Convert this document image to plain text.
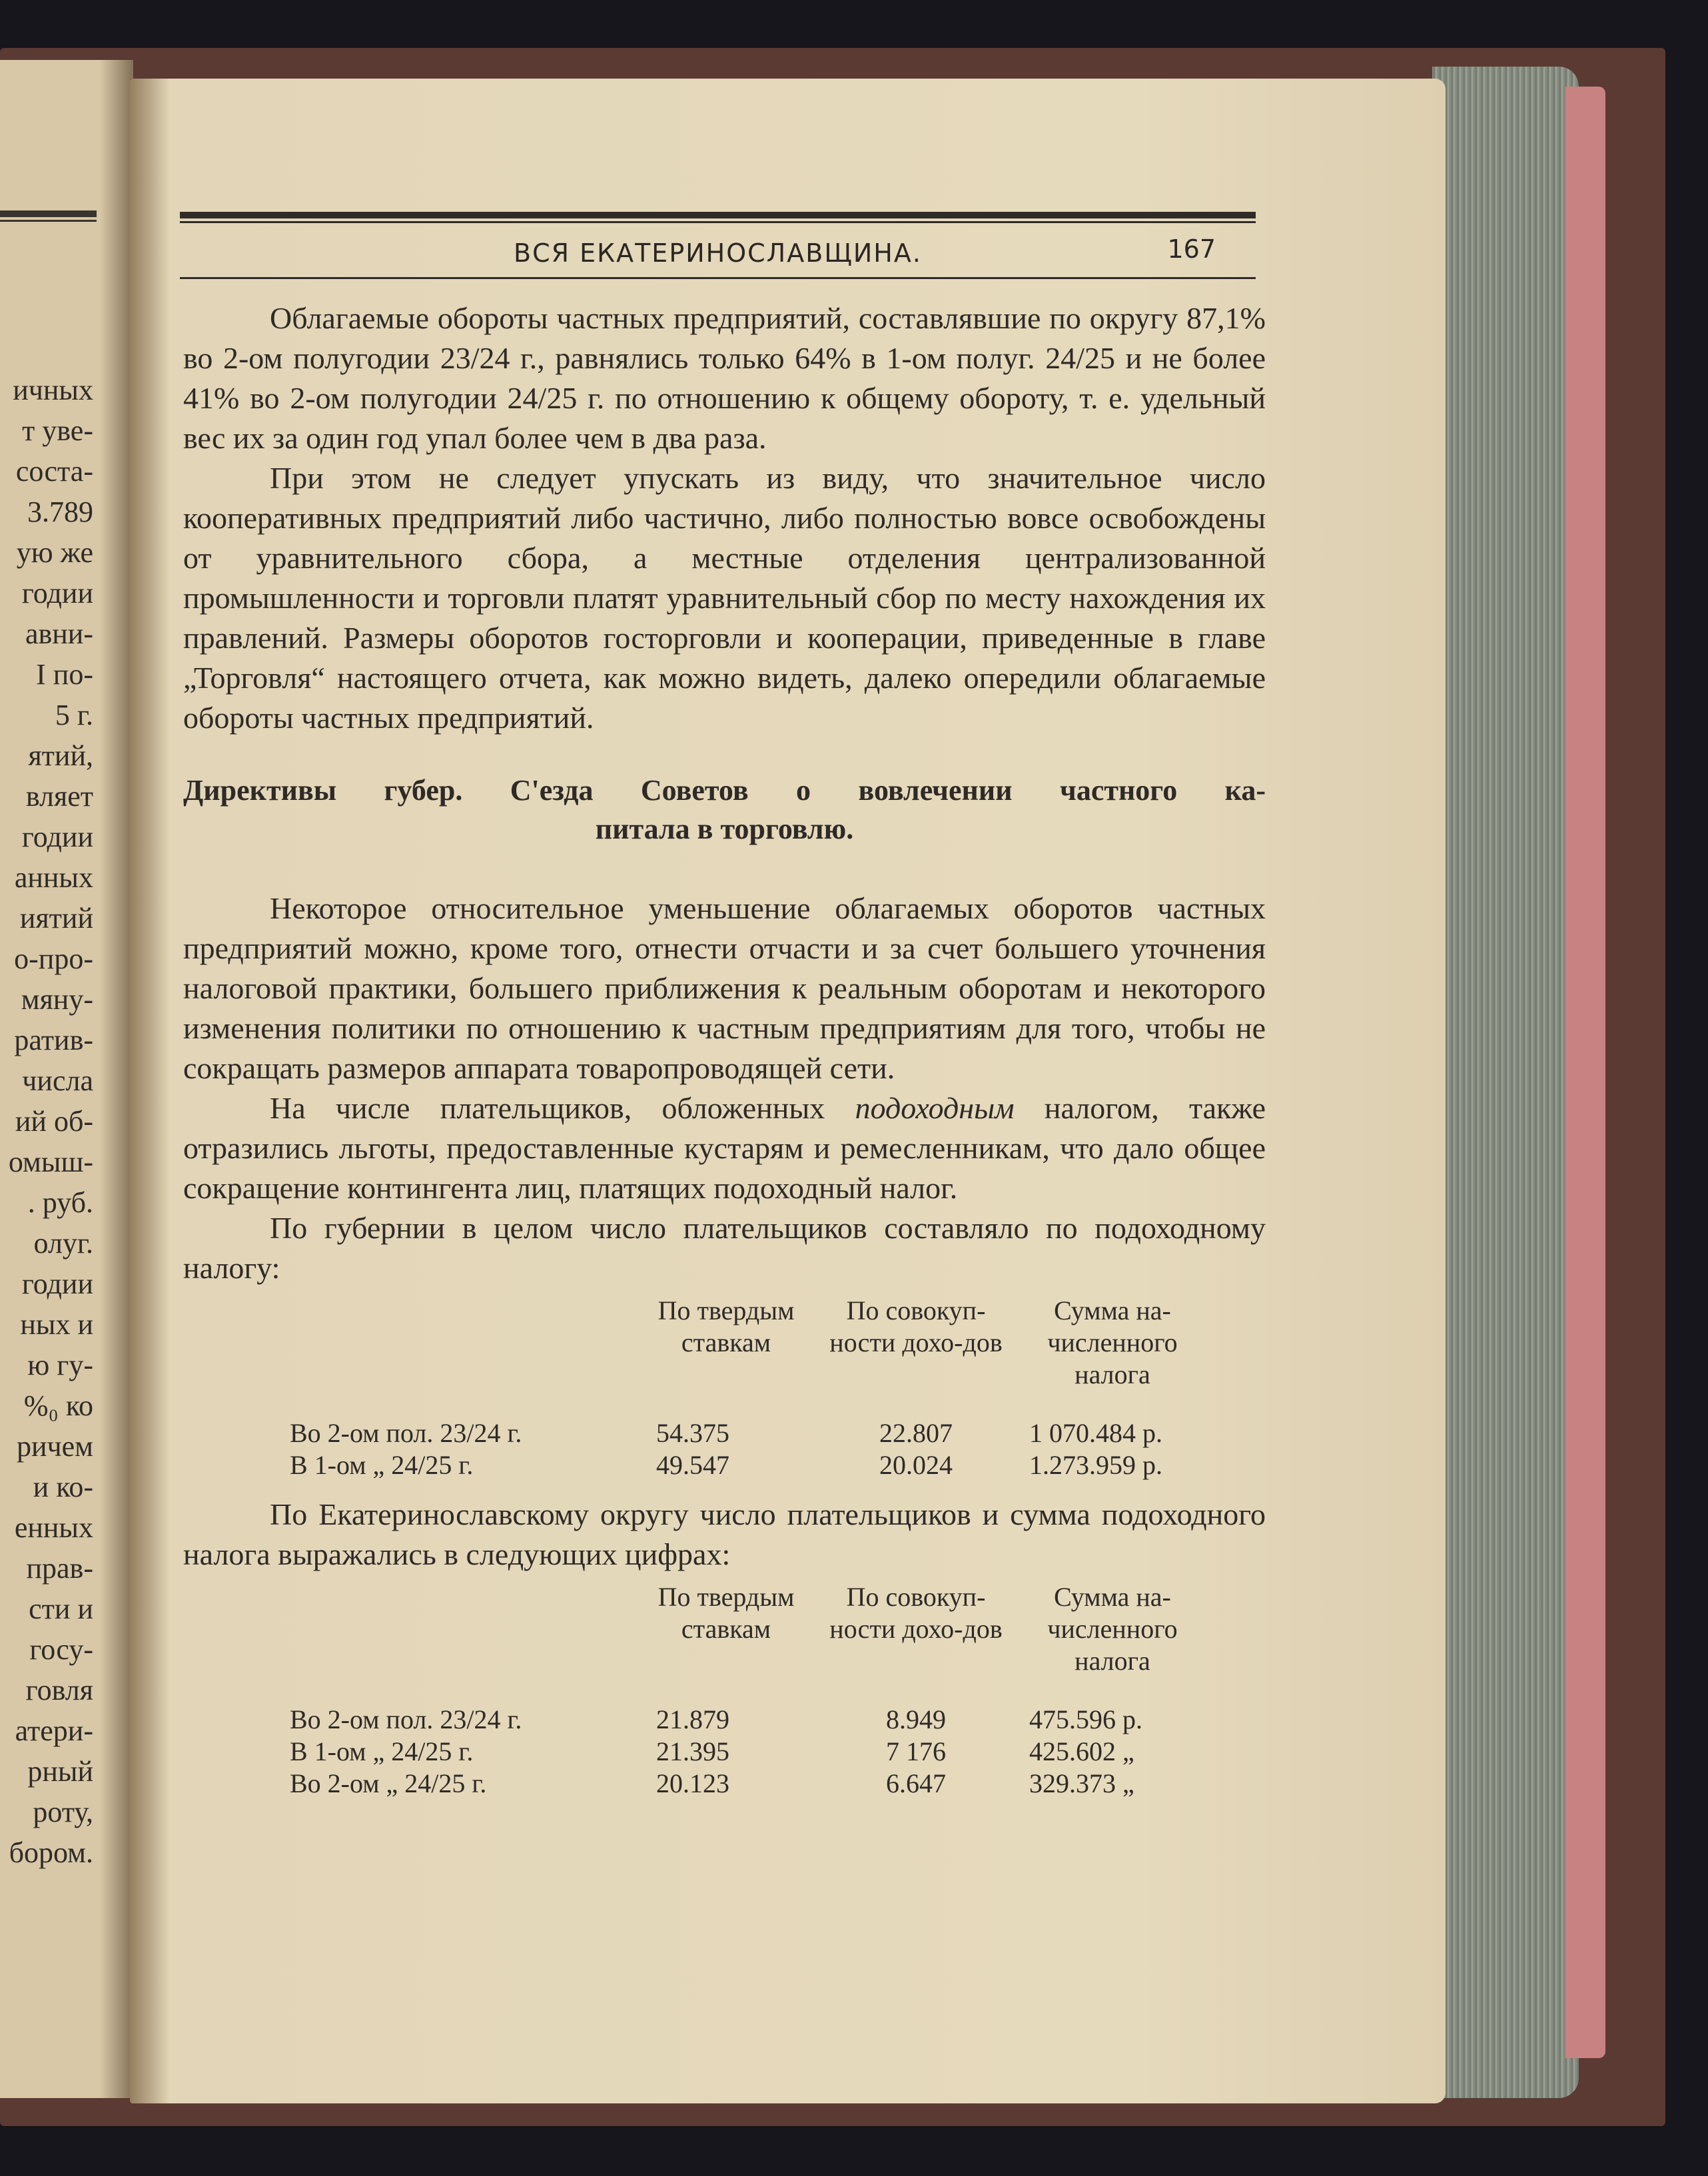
ичных
т уве-
соста-
3.789
ую же
годии
авни-
I по-
5 г.
ятий,
вляет
годии
анных
иятий
о-про-
мяну-
ратив-
числа
ий об-
омыш-
. руб.
олуг.
годии
ных и
ю гу-
%₀ ко
ричем
и ко-
енных
прав-
сти и
госу-
говля
атери-
рный
роту,
бором.
ВСЯ ЕКАТЕРИНОСЛАВЩИНА.	167

Облагаемые обороты частных предприятий, составлявшие по округу 87,1% во 2-ом полугодии 23/24 г., равнялись только 64% в 1-ом полуг. 24/25 и не более 41% во 2-ом полугодии 24/25 г. по отношению к общему обороту, т. е. удельный вес их за один год упал более чем в два раза.

При этом не следует упускать из виду, что значительное число кооперативных предприятий либо частично, либо полностью вовсе освобождены от уравнительного сбора, а местные отделения централизованной промышленности и торговли платят уравнительный сбор по месту нахождения их правлений. Размеры оборотов госторговли и кооперации, приведенные в главе „Торговля“ настоящего отчета, как можно видеть, далеко опередили облагаемые обороты частных предприятий.

Директивы губер. С'езда Советов о вовлечении частного ка-
питала в торговлю.

Некоторое относительное уменьшение облагаемых оборотов частных предприятий можно, кроме того, отнести отчасти и за счет большего уточнения налоговой практики, большего приближения к реальным оборотам и некоторого изменения политики по отношению к частным предприятиям для того, чтобы не сокращать размеров аппарата товаропроводящей сети.

На числе плательщиков, обложенных подоходным налогом, также отразились льготы, предоставленные кустарям и ремесленникам, что дало общее сокращение контингента лиц, платящих подоходный налог.

По губернии в целом число плательщиков составляло по подоходному налогу:

	По твердым ставкам	По совокуп-ности дохо-дов	Сумма на-численного налога

Во 2-ом пол. 23/24 г.	54.375	22.807	1 070.484 р.
В 1-ом „ 24/25 г.	49.547	20.024	1.273.959 р.

По Екатеринославскому округу число плательщиков и сумма подоходного налога выражались в следующих цифрах:

	По твердым ставкам	По совокуп-ности дохо-дов	Сумма на-численного налога

Во 2-ом пол. 23/24 г.	21.879	8.949	475.596 р.
В 1-ом „ 24/25 г.	21.395	7 176	425.602 „
Во 2-ом „ 24/25 г.	20.123	6.647	329.373 „
